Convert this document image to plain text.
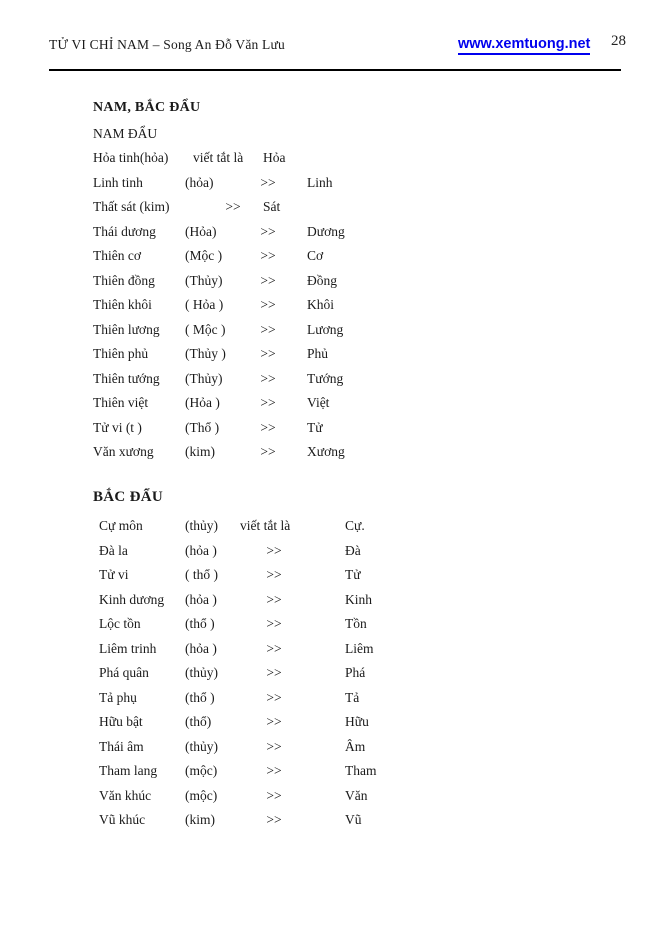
TỬ VI CHỈ NAM – Song An Đỗ Văn Lưu	www.xemtuong.net 28
NAM, BẮC ĐẨU
NAM ĐẨU
Hỏa tinh(hỏa) viết tắt là Hỏa
Linh tinh	(hỏa)	>>	Linh
Thất sát (kim)	>>	Sát
Thái dương (Hỏa)	>>	Dương
Thiên cơ	(Mộc )	>>	Cơ
Thiên đồng (Thủy)	>>	Đồng
Thiên khôi ( Hỏa )	>>	Khôi
Thiên lương ( Mộc )	>>	Lương
Thiên phủ	(Thủy )	>>	Phủ
Thiên tướng (Thủy)	>>	Tướng
Thiên việt	(Hỏa )	>>	Việt
Tử vi (t )	(Thổ )	>>	Tử
Văn xương (kim)	>>	Xương
BẮC ĐẨU
Cự môn	(thủy) viết tắt là	Cự.
Đà la	(hỏa )	>>	Đà
Tử vi	( thổ )	>>	Tử
Kinh dương (hỏa )	>>	Kinh
Lộc tồn	(thổ )	>>	Tồn
Liêm trinh (hỏa )	>>	Liêm
Phá quân	(thủy)	>>	Phá
Tả phụ	(thổ )	>>	Tả
Hữu bật	(thổ)	>>	Hữu
Thái âm	(thủy)	>>	Âm
Tham lang (mộc)	>>	Tham
Văn khúc	(mộc)	>>	Văn
Vũ khúc	(kim)	>>	Vũ
